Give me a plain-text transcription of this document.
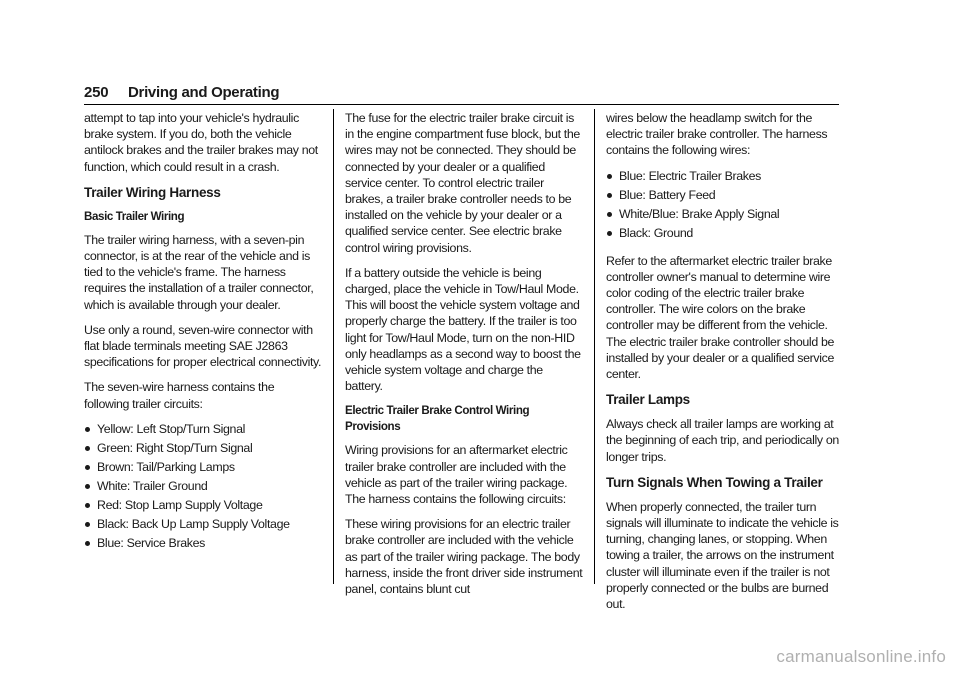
250 Driving and Operating

attempt to tap into your vehicle's hydraulic brake system. If you do, both the vehicle antilock brakes and the trailer brakes may not function, which could result in a crash.

Trailer Wiring Harness
Basic Trailer Wiring

The trailer wiring harness, with a seven-pin connector, is at the rear of the vehicle and is tied to the vehicle's frame. The harness requires the installation of a trailer connector, which is available through your dealer.

Use only a round, seven-wire connector with flat blade terminals meeting SAE J2863 specifications for proper electrical connectivity.

The seven-wire harness contains the following trailer circuits:

Yellow: Left Stop/Turn Signal
Green: Right Stop/Turn Signal
Brown: Tail/Parking Lamps
White: Trailer Ground
Red: Stop Lamp Supply Voltage
Black: Back Up Lamp Supply Voltage
Blue: Service Brakes

The fuse for the electric trailer brake circuit is in the engine compartment fuse block, but the wires may not be connected. They should be connected by your dealer or a qualified service center. To control electric trailer brakes, a trailer brake controller needs to be installed on the vehicle by your dealer or a qualified service center. See electric brake control wiring provisions.

If a battery outside the vehicle is being charged, place the vehicle in Tow/Haul Mode. This will boost the vehicle system voltage and properly charge the battery. If the trailer is too light for Tow/Haul Mode, turn on the non-HID only headlamps as a second way to boost the vehicle system voltage and charge the battery.

Electric Trailer Brake Control Wiring Provisions

Wiring provisions for an aftermarket electric trailer brake controller are included with the vehicle as part of the trailer wiring package. The harness contains the following circuits:

These wiring provisions for an electric trailer brake controller are included with the vehicle as part of the trailer wiring package. The body harness, inside the front driver side instrument panel, contains blunt cut

wires below the headlamp switch for the electric trailer brake controller. The harness contains the following wires:

Blue: Electric Trailer Brakes
Blue: Battery Feed
White/Blue: Brake Apply Signal
Black: Ground

Refer to the aftermarket electric trailer brake controller owner's manual to determine wire color coding of the electric trailer brake controller. The wire colors on the brake controller may be different from the vehicle. The electric trailer brake controller should be installed by your dealer or a qualified service center.

Trailer Lamps

Always check all trailer lamps are working at the beginning of each trip, and periodically on longer trips.

Turn Signals When Towing a Trailer

When properly connected, the trailer turn signals will illuminate to indicate the vehicle is turning, changing lanes, or stopping. When towing a trailer, the arrows on the instrument cluster will illuminate even if the trailer is not properly connected or the bulbs are burned out.

carmanualsonline.info
